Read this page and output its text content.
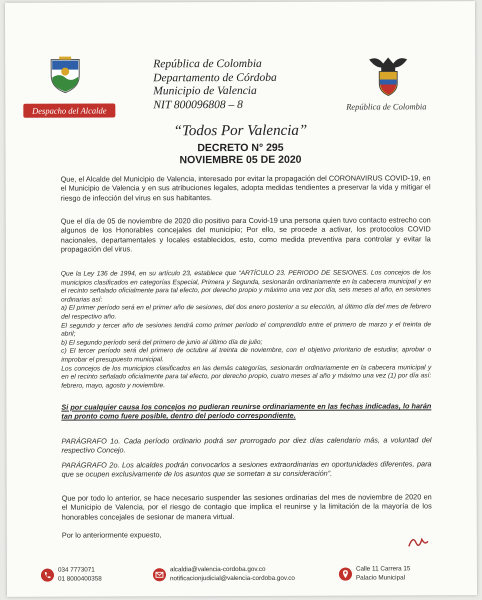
Despacho del Alcalde
República de Colombia
Departamento de Córdoba
Municipio de Valencia
NIT 800096808 – 8	República de Colombia
“Todos Por Valencia”
DECRETO N° 295
NOVIEMBRE 05 DE 2020
Que, el Alcalde del Municipio de Valencia, interesado por evitar la propagación del CORONAVIRUS COVID-19, en el Municipio de Valencia y en sus atribuciones legales, adopta medidas tendientes a preservar la vida y mitigar el riesgo de infección del virus en sus habitantes.
Que el día de 05 de noviembre de 2020 dio positivo para Covid-19 una persona quien tuvo contacto estrecho con algunos de los Honorables concejales del municipio; Por ello, se procede a activar, los protocolos COVID nacionales, departamentales y locales establecidos, esto, como medida preventiva para controlar y evitar la propagación del virus.
Que la Ley 136 de 1994, en su artículo 23, establece que “ARTÍCULO 23. PERIODO DE SESIONES. Los concejos de los municipios clasificados en categorías Especial, Primera y Segunda, sesionarán ordinariamente en la cabecera municipal y en el recinto señalado oficialmente para tal efecto, por derecho propio y máximo una vez por día, seis meses al año, en sesiones ordinarias así:
a) El primer período será en el primer año de sesiones, del dos enero posterior a su elección, al último día del mes de febrero del respectivo año.
El segundo y tercer año de sesiones tendrá como primer período el comprendido entre el primero de marzo y el treinta de abril;
b) El segundo período será del primero de junio al último día de julio;
c) El tercer período será del primero de octubre al treinta de noviembre, con el objetivo prioritario de estudiar, aprobar o improbar el presupuesto municipal.
Los concejos de los municipios clasificados en las demás categorías, sesionarán ordinariamente en la cabecera municipal y en el recinto señalado oficialmente para tal efecto, por derecho propio, cuatro meses al año y máximo una vez (1) por día así: febrero, mayo, agosto y noviembre.
Si por cualquier causa los concejos no pudieran reunirse ordinariamente en las fechas indicadas, lo harán tan pronto como fuere posible, dentro del período correspondiente.
PARÁGRAFO 1o. Cada período ordinario podrá ser prorrogado por diez días calendario más, a voluntad del respectivo Concejo.
PARÁGRAFO 2o. Los alcaldes podrán convocarlos a sesiones extraordinarias en oportunidades diferentes, para que se ocupen exclusivamente de los asuntos que se sometan a su consideración”.
Que por todo lo anterior, se hace necesario suspender las sesiones ordinarias del mes de noviembre de 2020 en el Municipio de Valencia, por el riesgo de contagio que implica el reunirse y la limitación de la mayoría de los honorables concejales de sesionar de manera virtual.
Por lo anteriormente expuesto,
034 7773071
01 8000400358
alcaldia@valencia-cordoba.gov.co
notificacionjudicial@valencia-cordoba.gov.co
Calle 11 Carrera 15
Palacio Municipal
